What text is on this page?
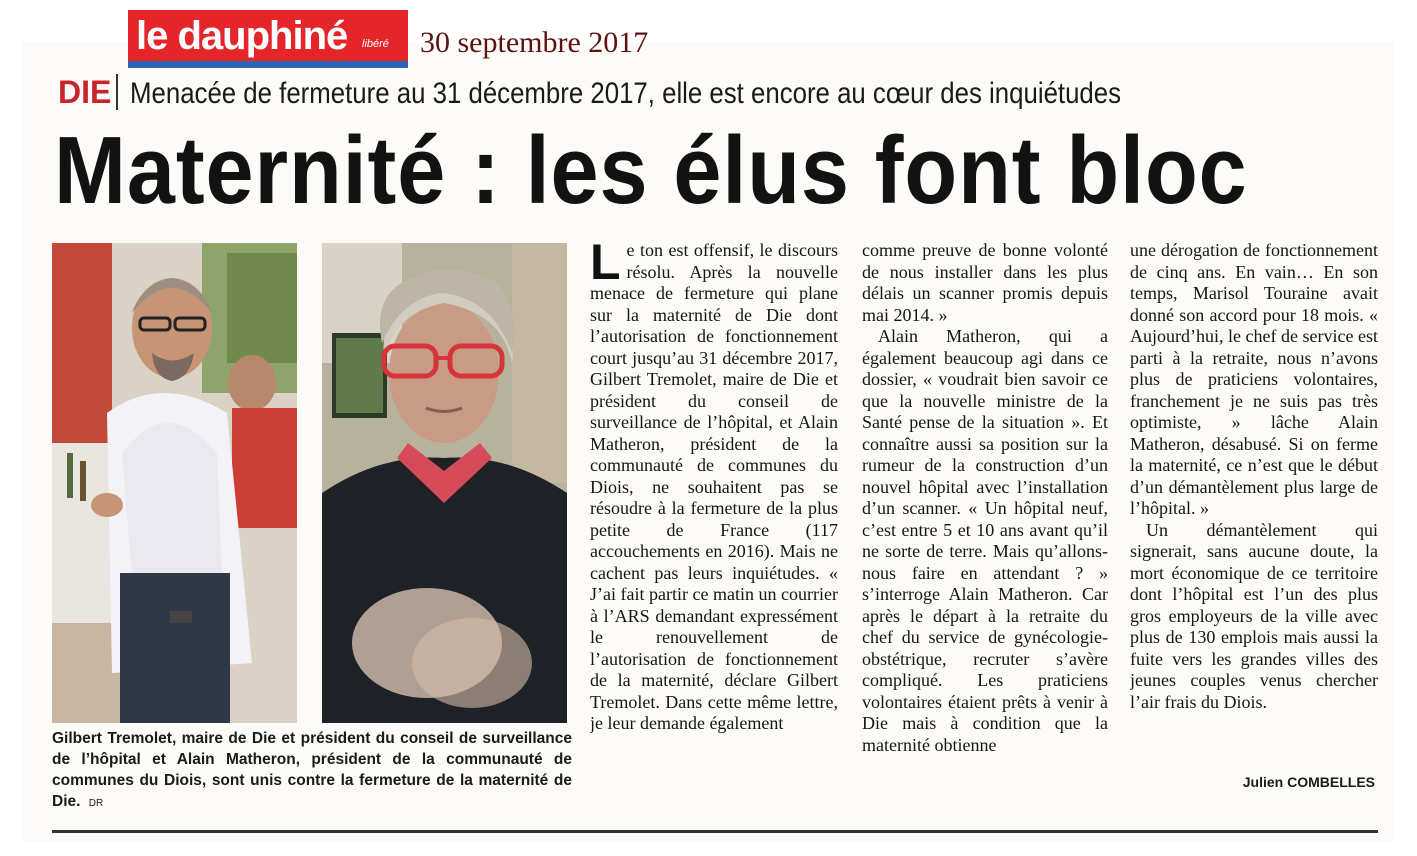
le dauphiné libéré 30 septembre 2017
DIE Menacée de fermeture au 31 décembre 2017, elle est encore au cœur des inquiétudes
Maternité : les élus font bloc
Gilbert Tremolet, maire de Die et président du conseil de surveillance de l’hôpital et Alain Matheron, président de la communauté de communes du Diois, sont unis contre la fermeture de la maternité de Die. DR

L e ton est offensif, le discours résolu. Après la nouvelle menace de fermeture qui plane sur la maternité de Die dont l’autorisation de fonctionnement court jusqu’au 31 décembre 2017, Gilbert Tremolet, maire de Die et président du conseil de surveillance de l’hôpital, et Alain Matheron, président de la communauté de communes du Diois, ne souhaitent pas se résoudre à la fermeture de la plus petite de France (117 accouchements en 2016). Mais ne cachent pas leurs inquiétudes. « J’ai fait partir ce matin un courrier à l’ARS demandant expressément le renouvellement de l’autorisation de fonctionnement de la maternité, déclare Gilbert Tremolet. Dans cette même lettre, je leur demande également

comme preuve de bonne volonté de nous installer dans les plus délais un scanner promis depuis mai 2014. »

Alain Matheron, qui a également beaucoup agi dans ce dossier, « voudrait bien savoir ce que la nouvelle ministre de la Santé pense de la situation ». Et connaître aussi sa position sur la rumeur de la construction d’un nouvel hôpital avec l’installation d’un scanner. « Un hôpital neuf, c’est entre 5 et 10 ans avant qu’il ne sorte de terre. Mais qu’allons-nous faire en attendant ? » s’interroge Alain Matheron. Car après le départ à la retraite du chef du service de gynécologie-obstétrique, recruter s’avère compliqué. Les praticiens volontaires étaient prêts à venir à Die mais à condition que la maternité obtienne

une dérogation de fonctionnement de cinq ans. En vain… En son temps, Marisol Touraine avait donné son accord pour 18 mois. « Aujourd’hui, le chef de service est parti à la retraite, nous n’avons plus de praticiens volontaires, franchement je ne suis pas très optimiste, » lâche Alain Matheron, désabusé. Si on ferme la maternité, ce n’est que le début d’un démantèlement plus large de l’hôpital. »

Un démantèlement qui signerait, sans aucune doute, la mort économique de ce territoire dont l’hôpital est l’un des plus gros employeurs de la ville avec plus de 130 emplois mais aussi la fuite vers les grandes villes des jeunes couples venus chercher l’air frais du Diois.

Julien COMBELLES
